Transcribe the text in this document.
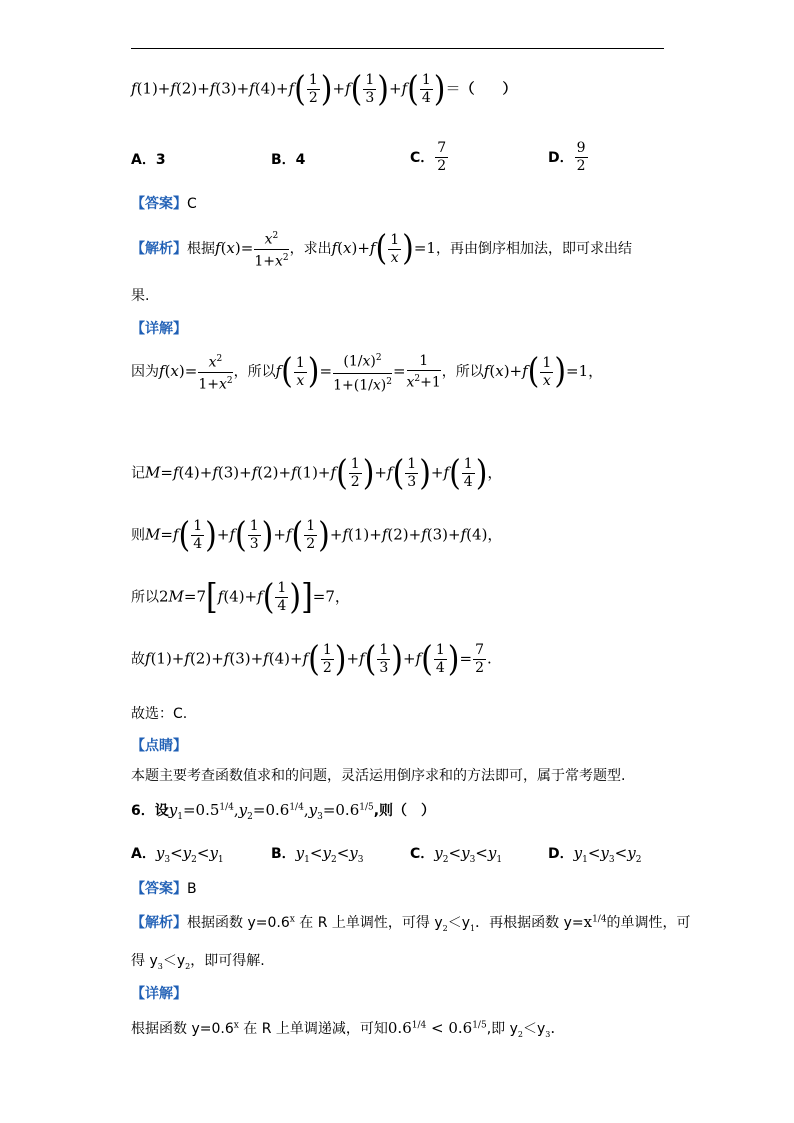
$f(1)+f(2)+f(3)+f(4)+f( \frac{1}{2} )+f( \frac{1}{3} )+f( \frac{1}{4}$ )＝（　　）
A．3	B．4	C． $\frac{7}{2}$	D． $\frac{9}{2}$
【答案】C
【解析】根据$f(x)= \frac{x^2}{1+x^2}$ ，求出$f(x)+f( \frac{1}{x} )=1$，再由倒序相加法，即可求出结
果.
【详解】
因为$f(x)= \frac{x^2}{1+x^2}$ ，所以$f( \frac{1}{x}$ )= $\frac{(1/x)^2}{1+(1/x)^2} = \frac{1}{x^2+1}$ ，所以$f(x)+f( \frac{1}{x} )=1$，
记$M=f(4)+f(3)+f(2)+f(1)+f( \frac{1}{2} )+f( \frac{1}{3} )+f( \frac{1}{4}$ )，
则$M=f( \frac{1}{4} )+f( \frac{1}{3} )+f( \frac{1}{2} )+f(1)+f(2)+f(3)+f(4)$，
所以$2M=7[f(4)+f( \frac{1}{4} )]=7$，
故$f(1)+f(2)+f(3)+f(4)+f( \frac{1}{2} )+f( \frac{1}{3} )+f( \frac{1}{4}$ )= $\frac{7}{2}$ .
故选：C.
【点睛】
本题主要考查函数值求和的问题，灵活运用倒序求和的方法即可，属于常考题型.
6．设$y_1=0.5^{1/4},y_2=0.6^{1/4},y_3=0.6^{1/5}$,则（　）
A．$y_3<y_2<y_1$	B．$y_1<y_2<y_3$	C．$y_2<y_3<y_1$	D．$y_1<y_3<y_2$
【答案】B
【解析】根据函数 $y=0.6^x$ 在 R 上单调性，可得 $y_2<y_1$．再根据函数 $y=x^{1/4}$的单调性，可
得 $y_3<y_2$，即可得解.
【详解】
根据函数 $y=0.6^x$ 在 R 上单调递减，可知$0.6^{1/4} < 0.6^{1/5}$,即 $y_2<y_3$.
